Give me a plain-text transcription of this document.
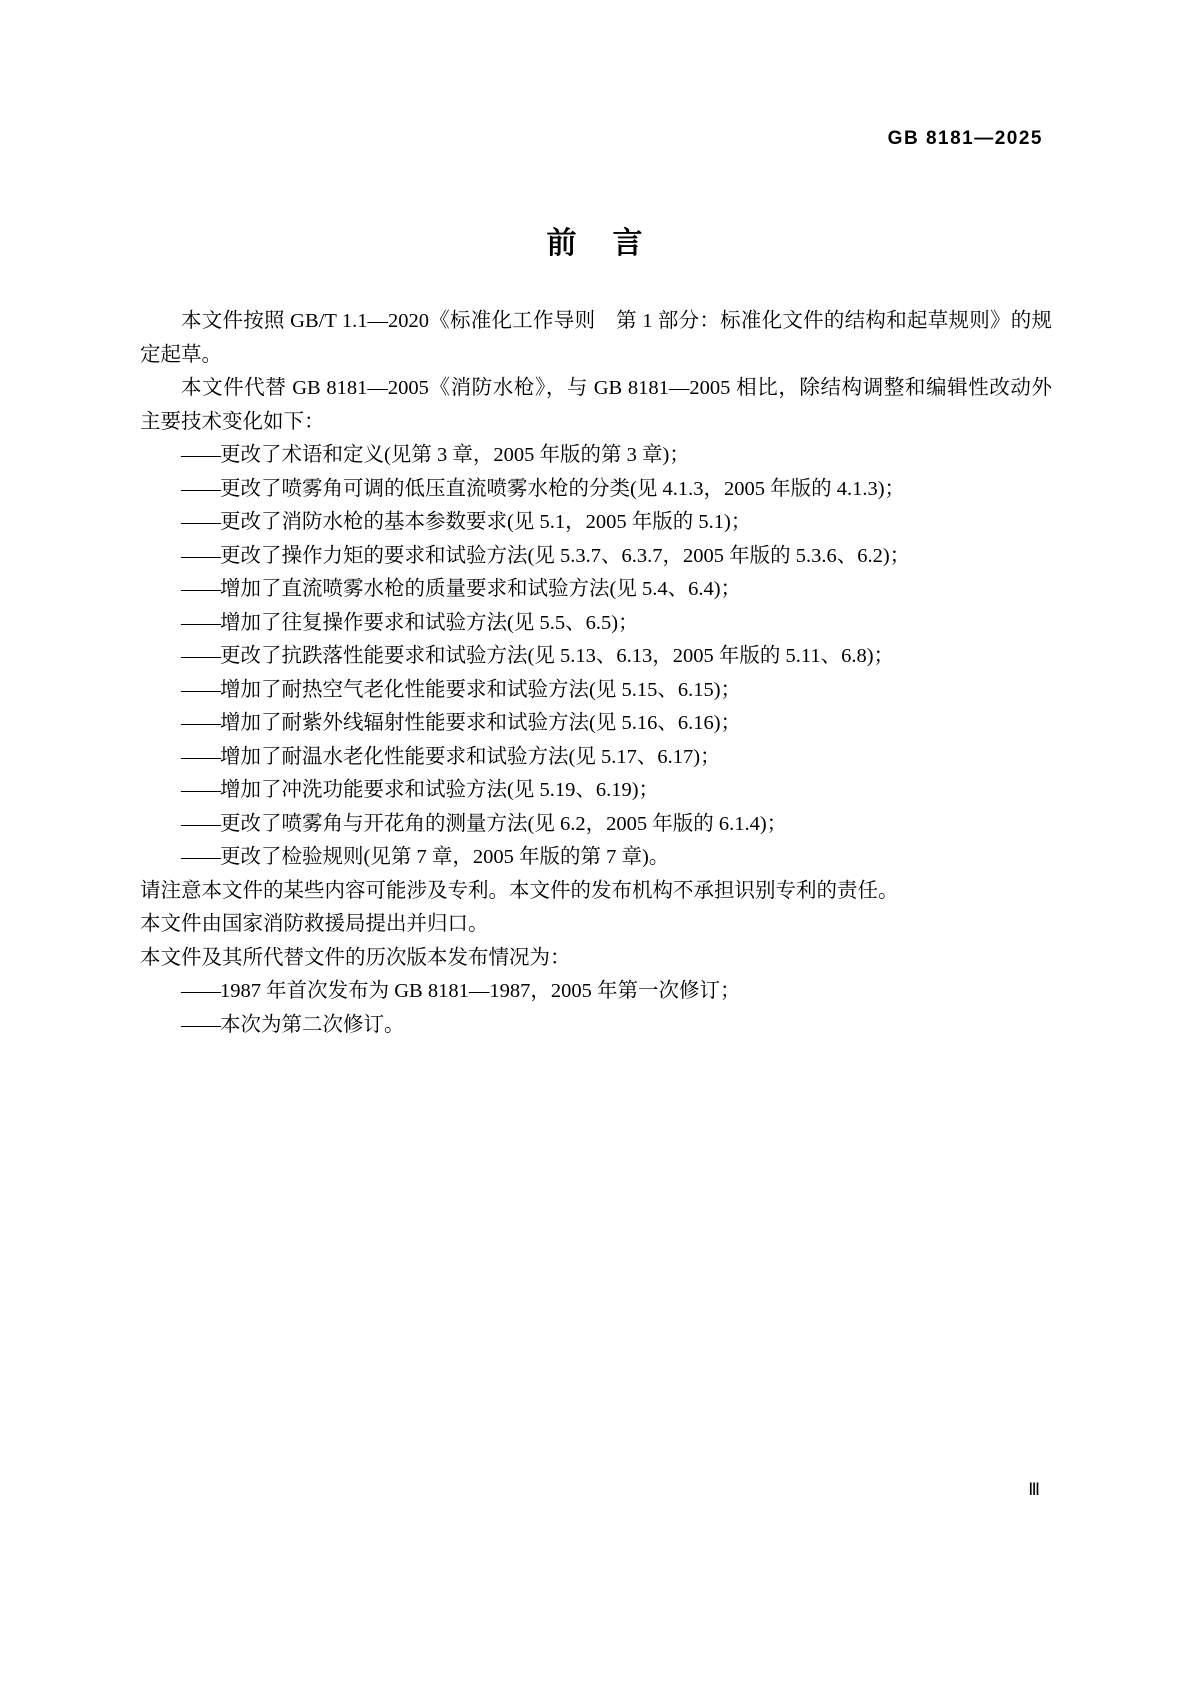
GB 8181—2025
前 言

本文件按照 GB/T 1.1—2020《标准化工作导则　第 1 部分：标准化文件的结构和起草规则》的规定起草。

本文件代替 GB 8181—2005《消防水枪》，与 GB 8181—2005 相比，除结构调整和编辑性改动外主要技术变化如下：

——更改了术语和定义(见第 3 章，2005 年版的第 3 章)；

——更改了喷雾角可调的低压直流喷雾水枪的分类(见 4.1.3，2005 年版的 4.1.3)；

——更改了消防水枪的基本参数要求(见 5.1，2005 年版的 5.1)；

——更改了操作力矩的要求和试验方法(见 5.3.7、6.3.7，2005 年版的 5.3.6、6.2)；

——增加了直流喷雾水枪的质量要求和试验方法(见 5.4、6.4)；

——增加了往复操作要求和试验方法(见 5.5、6.5)；

——更改了抗跌落性能要求和试验方法(见 5.13、6.13，2005 年版的 5.11、6.8)；

——增加了耐热空气老化性能要求和试验方法(见 5.15、6.15)；

——增加了耐紫外线辐射性能要求和试验方法(见 5.16、6.16)；

——增加了耐温水老化性能要求和试验方法(见 5.17、6.17)；

——增加了冲洗功能要求和试验方法(见 5.19、6.19)；

——更改了喷雾角与开花角的测量方法(见 6.2，2005 年版的 6.1.4)；

——更改了检验规则(见第 7 章，2005 年版的第 7 章)。

请注意本文件的某些内容可能涉及专利。本文件的发布机构不承担识别专利的责任。

本文件由国家消防救援局提出并归口。

本文件及其所代替文件的历次版本发布情况为：

——1987 年首次发布为 GB 8181—1987，2005 年第一次修订；

——本次为第二次修订。

Ⅲ
